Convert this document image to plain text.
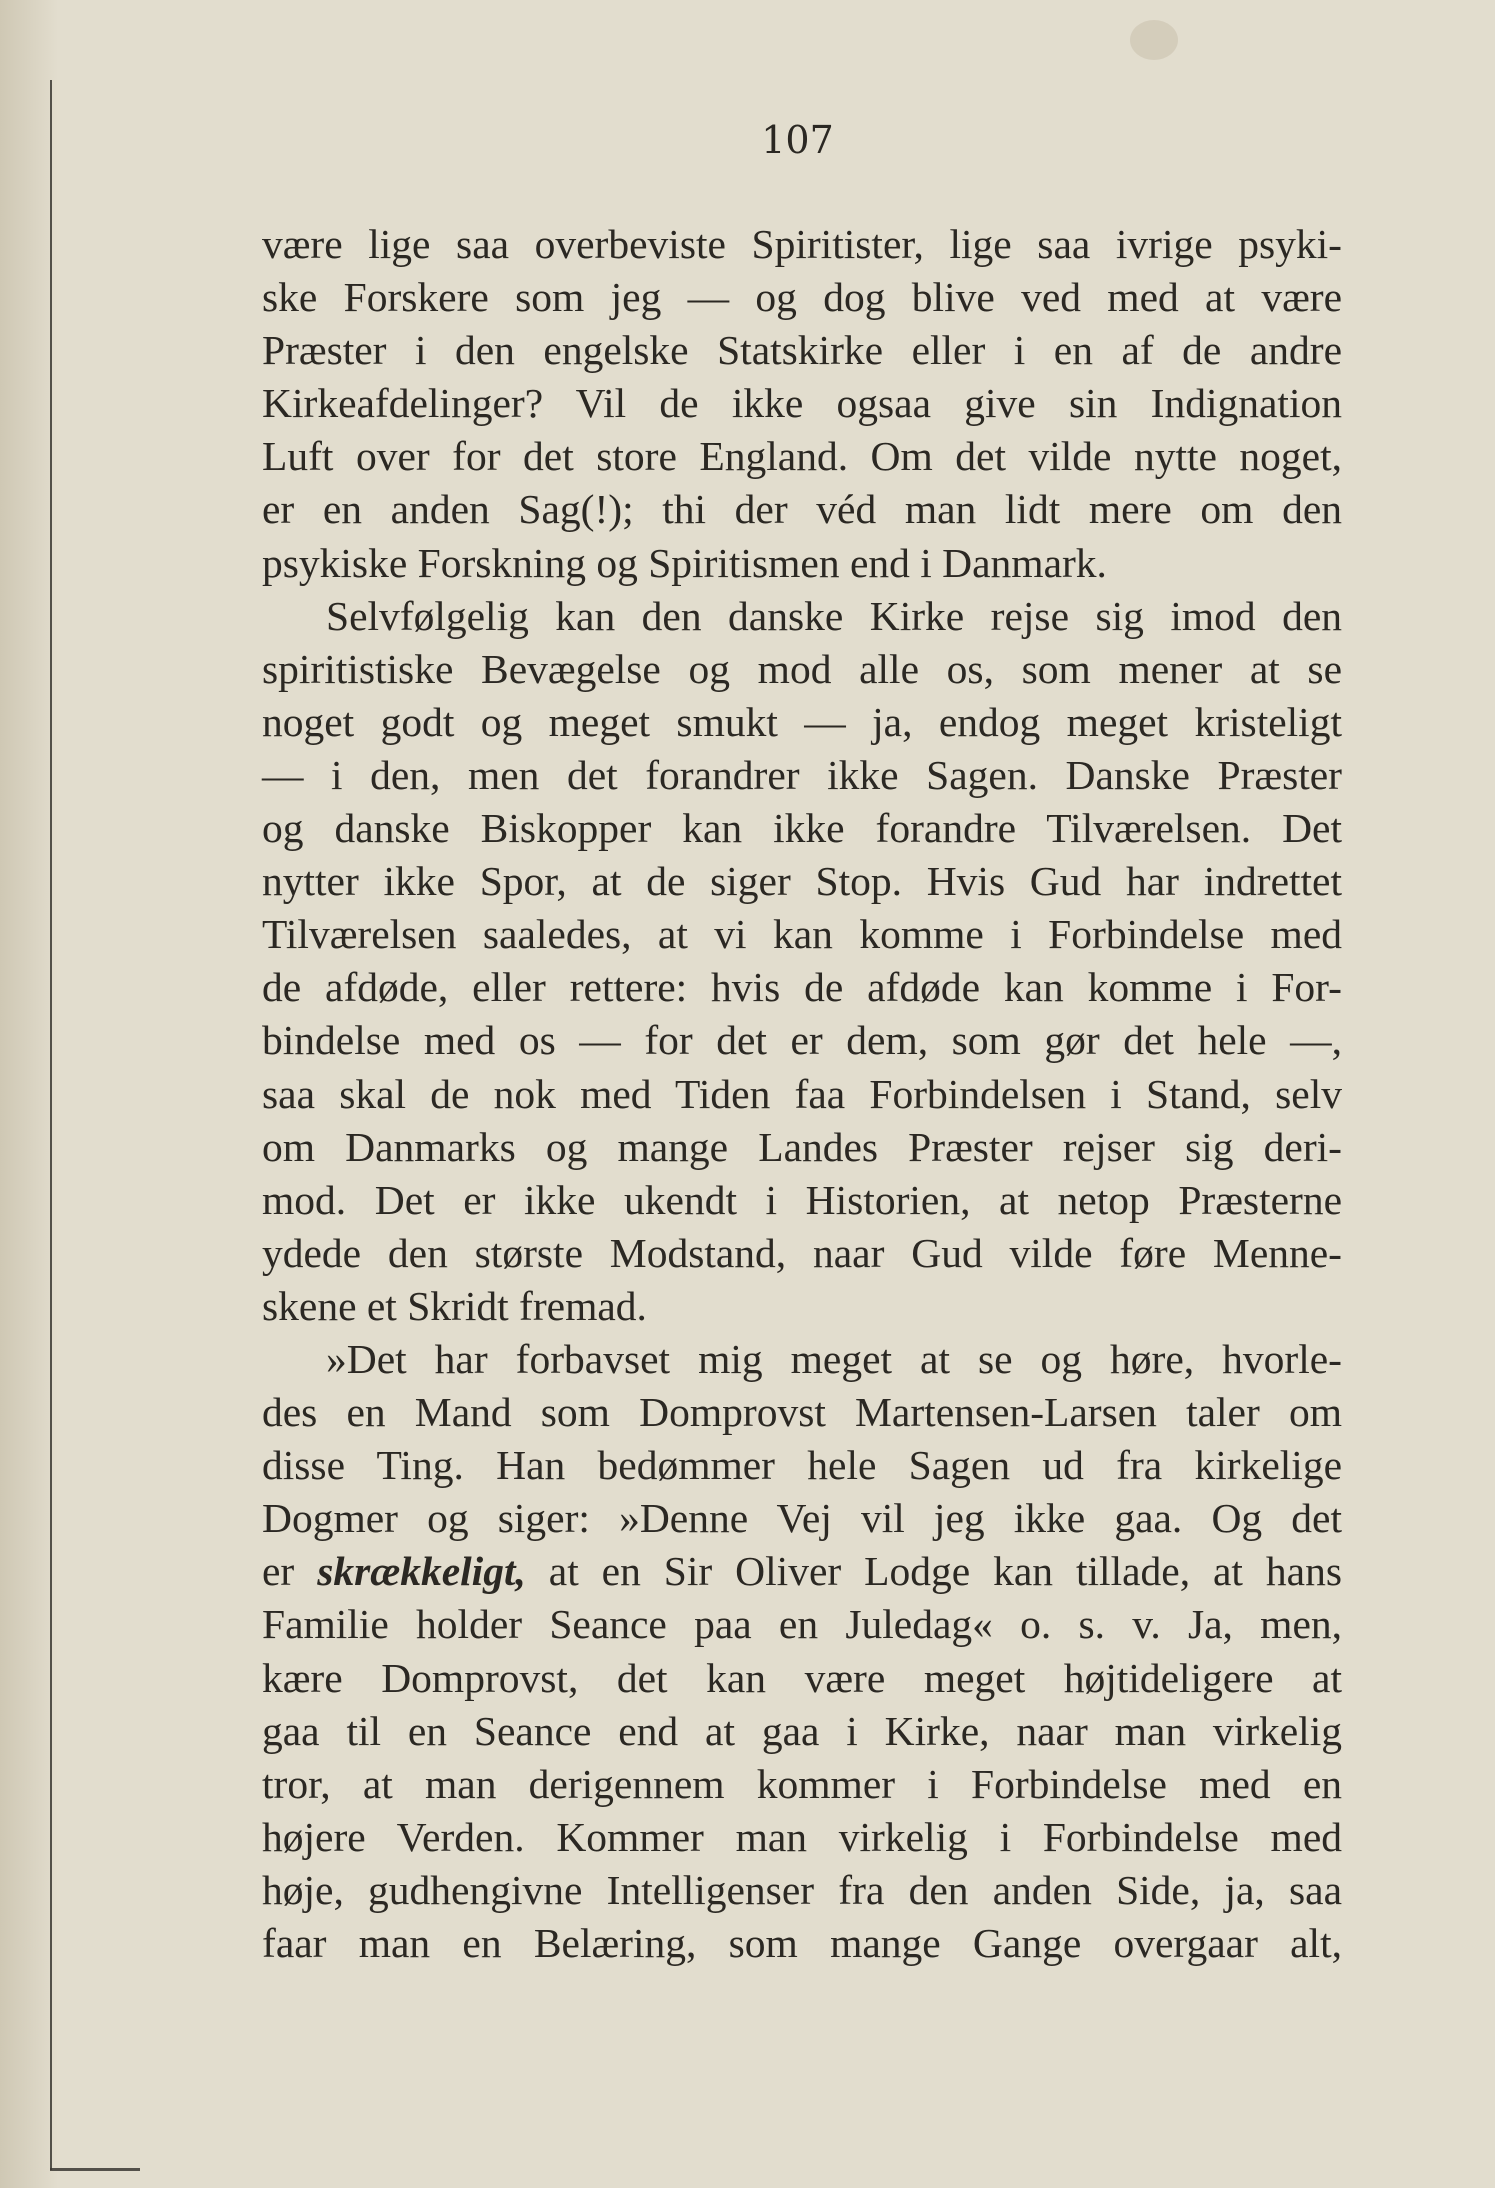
107
være lige saa overbeviste Spiritister, lige saa ivrige psyki-
ske Forskere som jeg — og dog blive ved med at være
Præster i den engelske Statskirke eller i en af de andre
Kirkeafdelinger? Vil de ikke ogsaa give sin Indignation
Luft over for det store England. Om det vilde nytte noget,
er en anden Sag(!); thi der véd man lidt mere om den
psykiske Forskning og Spiritismen end i Danmark.
Selvfølgelig kan den danske Kirke rejse sig imod den
spiritistiske Bevægelse og mod alle os, som mener at se
noget godt og meget smukt — ja, endog meget kristeligt
— i den, men det forandrer ikke Sagen. Danske Præster
og danske Biskopper kan ikke forandre Tilværelsen. Det
nytter ikke Spor, at de siger Stop. Hvis Gud har indrettet
Tilværelsen saaledes, at vi kan komme i Forbindelse med
de afdøde, eller rettere: hvis de afdøde kan komme i For-
bindelse med os — for det er dem, som gør det hele —,
saa skal de nok med Tiden faa Forbindelsen i Stand, selv
om Danmarks og mange Landes Præster rejser sig deri-
mod. Det er ikke ukendt i Historien, at netop Præsterne
ydede den største Modstand, naar Gud vilde føre Menne-
skene et Skridt fremad.
»Det har forbavset mig meget at se og høre, hvorle-
des en Mand som Domprovst Martensen-Larsen taler om
disse Ting. Han bedømmer hele Sagen ud fra kirkelige
Dogmer og siger: »Denne Vej vil jeg ikke gaa. Og det
er skrækkeligt, at en Sir Oliver Lodge kan tillade, at hans
Familie holder Seance paa en Juledag« o. s. v. Ja, men,
kære Domprovst, det kan være meget højtideligere at
gaa til en Seance end at gaa i Kirke, naar man virkelig
tror, at man derigennem kommer i Forbindelse med en
højere Verden. Kommer man virkelig i Forbindelse med
høje, gudhengivne Intelligenser fra den anden Side, ja, saa
faar man en Belæring, som mange Gange overgaar alt,
